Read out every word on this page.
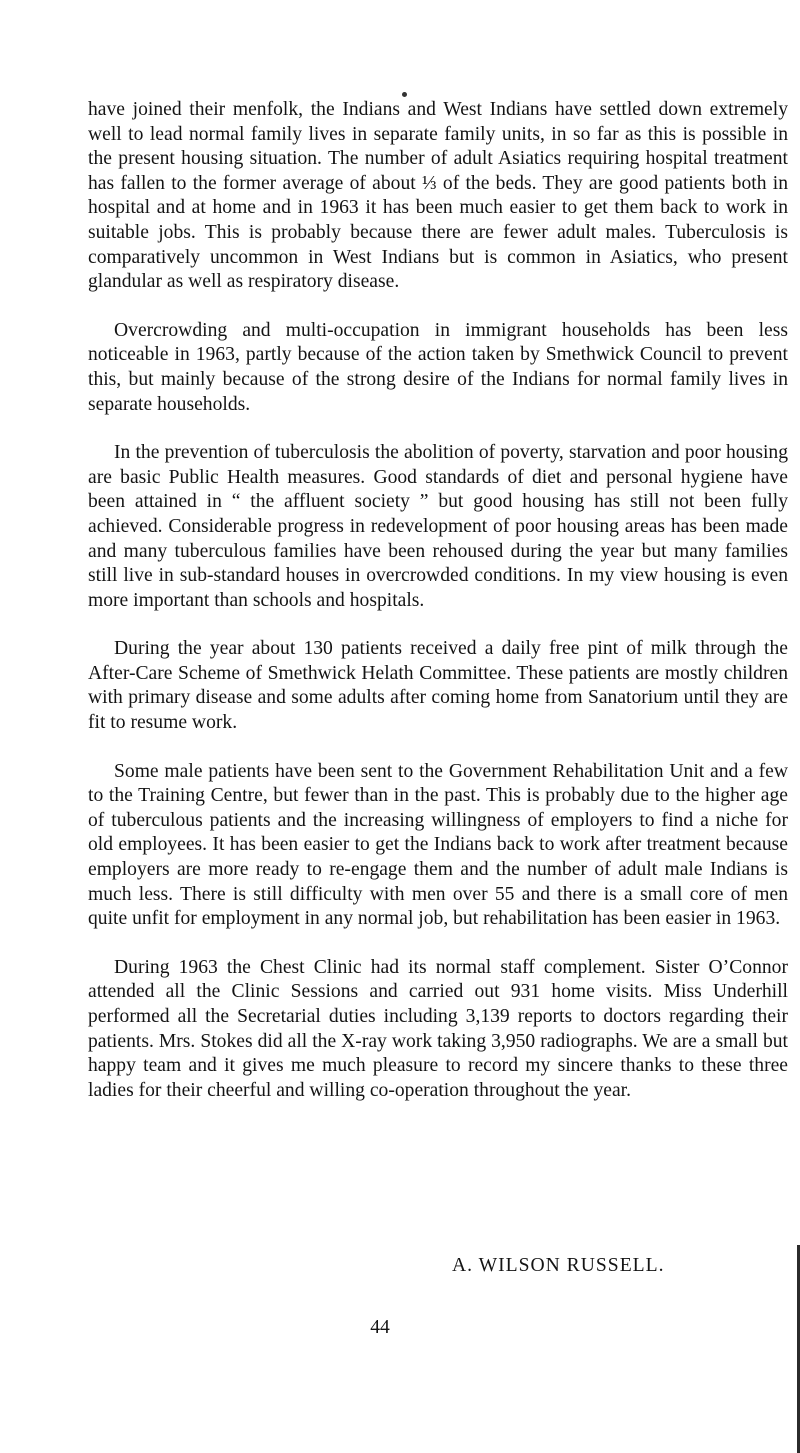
have joined their menfolk, the Indians and West Indians have settled down extremely well to lead normal family lives in separate family units, in so far as this is possible in the present housing situation. The number of adult Asiatics requiring hospital treatment has fallen to the former average of about ⅓ of the beds. They are good patients both in hospital and at home and in 1963 it has been much easier to get them back to work in suitable jobs. This is probably because there are fewer adult males. Tuberculosis is comparatively uncommon in West Indians but is common in Asiatics, who present glandular as well as respiratory disease.

Overcrowding and multi-occupation in immigrant households has been less noticeable in 1963, partly because of the action taken by Smethwick Council to prevent this, but mainly because of the strong desire of the Indians for normal family lives in separate households.

In the prevention of tuberculosis the abolition of poverty, starvation and poor housing are basic Public Health measures. Good standards of diet and personal hygiene have been attained in “ the affluent society ” but good housing has still not been fully achieved. Considerable progress in redevelopment of poor housing areas has been made and many tuberculous families have been rehoused during the year but many families still live in sub-standard houses in overcrowded conditions. In my view housing is even more important than schools and hospitals.

During the year about 130 patients received a daily free pint of milk through the After-Care Scheme of Smethwick Helath Committee. These patients are mostly children with primary disease and some adults after coming home from Sanatorium until they are fit to resume work.

Some male patients have been sent to the Government Rehabilitation Unit and a few to the Training Centre, but fewer than in the past. This is probably due to the higher age of tuberculous patients and the increasing willingness of employers to find a niche for old employees. It has been easier to get the Indians back to work after treatment because employers are more ready to re-engage them and the number of adult male Indians is much less. There is still difficulty with men over 55 and there is a small core of men quite unfit for employment in any normal job, but rehabilitation has been easier in 1963.

During 1963 the Chest Clinic had its normal staff complement. Sister O’Connor attended all the Clinic Sessions and carried out 931 home visits. Miss Underhill performed all the Secretarial duties including 3,139 reports to doctors regarding their patients. Mrs. Stokes did all the X-ray work taking 3,950 radiographs. We are a small but happy team and it gives me much pleasure to record my sincere thanks to these three ladies for their cheerful and willing co-operation throughout the year.

A. WILSON RUSSELL.
44
